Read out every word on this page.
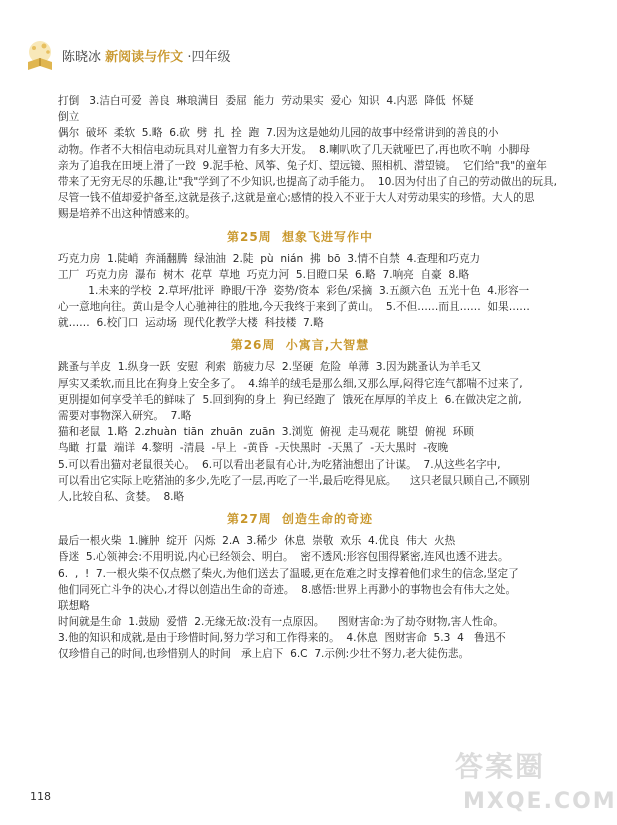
陈晓冰 新阅读与作文 ·四年级
打倒   3.洁白可爱  善良  琳琅满目  委屈  能力  劳动果实  爱心  知识  4.内恶  降低  怀疑
倒立
偶尔  破坏  柔软  5.略  6.砍  劈  扎  拴  跑  7.因为这是她幼儿园的故事中经常讲到的善良的小
动物。作者不大相信电动玩具对儿童智力有多大开发。  8.喇叭吹了几天就哑巴了,再也吹不响  小脚母
亲为了追我在田埂上滑了一跤  9.泥手枪、风筝、兔子灯、望远镜、照相机、潜望镜。  它们给"我"的童年
带来了无穷无尽的乐趣,让"我"学到了不少知识,也提高了动手能力。  10.因为付出了自己的劳动做出的玩具,
尽管一钱不值却爱护备至,这就是孩子,这就是童心;感情的投入不亚于大人对劳动果实的珍惜。大人的思
赐是培养不出这种情感来的。
第25周  想象飞进写作中
巧克力房  1.陡峭  奔涌翻腾  绿油油  2.陡  pù  nián  拂  bō  3.情不自禁  4.查理和巧克力
工厂  巧克力房  瀑布  树木  花草  草地  巧克力河  5.目瞪口呆  6.略  7.响亮  自豪  8.略
1.未来的学校  2.草坪/批评  睁眼/干净  姿势/资本  彩色/采摘  3.五颜六色  五光十色  4.形容一
心一意地向往。黄山是令人心驰神往的胜地,今天我终于来到了黄山。  5.不但……而且……  如果……
就……  6.校门口  运动场  现代化教学大楼  科技楼  7.略
第26周  小寓言,大智慧
跳蚤与羊皮  1.纵身一跃  安慰  利索  筋疲力尽  2.坚硬  危险  单薄  3.因为跳蚤认为羊毛又
厚实又柔软,而且比在狗身上安全多了。  4.绵羊的绒毛是那么细,又那么厚,闷得它连气都喘不过来了,
更別提如何享受羊毛的鲜味了  5.回到狗的身上  狗已经跑了  饿死在厚厚的羊皮上  6.在做决定之前,
需要对事物深入研究。  7.略
猫和老鼠  1.略  2.zhuàn  tiān  zhuān  zuān  3.浏览  俯视  走马观花  眺望  俯视  环顾
鸟瞰  打量  端详  4.黎明  -清晨  -早上  -黄昏  -天快黑时  -天黑了  -天大黑时  -夜晚
5.可以看出猫对老鼠很关心。  6.可以看出老鼠有心计,为吃猪油想出了计谋。  7.从这些名字中,
可以看出它实际上吃猪油的多少,先吃了一层,再吃了一半,最后吃得见底。    这只老鼠只顾自己,不顾别
人,比较自私、贪婪。  8.略
第27周  创造生命的奇迹
最后一根火柴  1.臃肿  绽开  闪烁  2.A  3.稀少  休息  崇敬  欢乐  4.优良  伟大  火热
昏迷  5.心领神会:不用明说,内心已经领会、明白。  密不透风:形容包围得紧密,连风也透不进去。
6.  ,  !  7.一根火柴不仅点燃了柴火,为他们送去了温暖,更在危难之时支撑着他们求生的信念,坚定了
他们同死亡斗争的决心,才得以创造出生命的奇迹。  8.感悟:世界上再渺小的事物也会有伟大之处。
联想略
时间就是生命  1.鼓励  爱惜  2.无缘无故:没有一点原因。    图财害命:为了劫夺财物,害人性命。
3.他的知识和成就,是由于珍惜时间,努力学习和工作得来的。  4.休息  图财害命  5.3  4   鲁迅不
仅珍惜自己的时间,也珍惜别人的时间   承上启下  6.C  7.示例:少壮不努力,老大徒伤悲。
118
答案圈
MXQE.COM
